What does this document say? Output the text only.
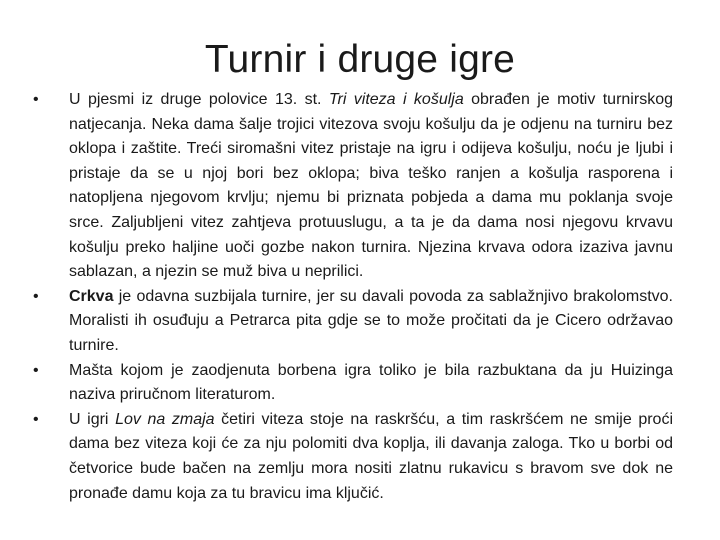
Turnir i druge igre
• U pjesmi iz druge polovice 13. st. Tri viteza i košulja obrađen je motiv turnirskog natjecanja. Neka dama šalje trojici vitezova svoju košulju da je odjenu na turniru bez oklopa i zaštite. Treći siromašni vitez pristaje na igru i odijeva košulju, noću je ljubi i pristaje da se u njoj bori bez oklopa; biva teško ranjen a košulja rasporena i natopljena njegovom krvlju; njemu bi priznata pobjeda a dama mu poklanja svoje srce. Zaljubljeni vitez zahtjeva protuuslugu, a ta je da dama nosi njegovu krvavu košulju preko haljine uoči gozbe nakon turnira. Njezina krvava odora izaziva javnu sablazan, a njezin se muž biva u neprilici.
• Crkva je odavna suzbijala turnire, jer su davali povoda za sablažnjivo brakolomstvo. Moralisti ih osuđuju a Petrarca pita gdje se to može pročitati da je Cicero održavao turnire.
• Mašta kojom je zaodjenuta borbena igra toliko je bila razbuktana da ju Huizinga naziva priručnom literaturom.
• U igri Lov na zmaja četiri viteza stoje na raskršću, a tim raskršćem ne smije proći dama bez viteza koji će za nju polomiti dva koplja, ili davanja zaloga. Tko u borbi od četvorice bude bačen na zemlju mora nositi zlatnu rukavicu s bravom sve dok ne pronađe damu koja za tu bravicu ima ključić.
